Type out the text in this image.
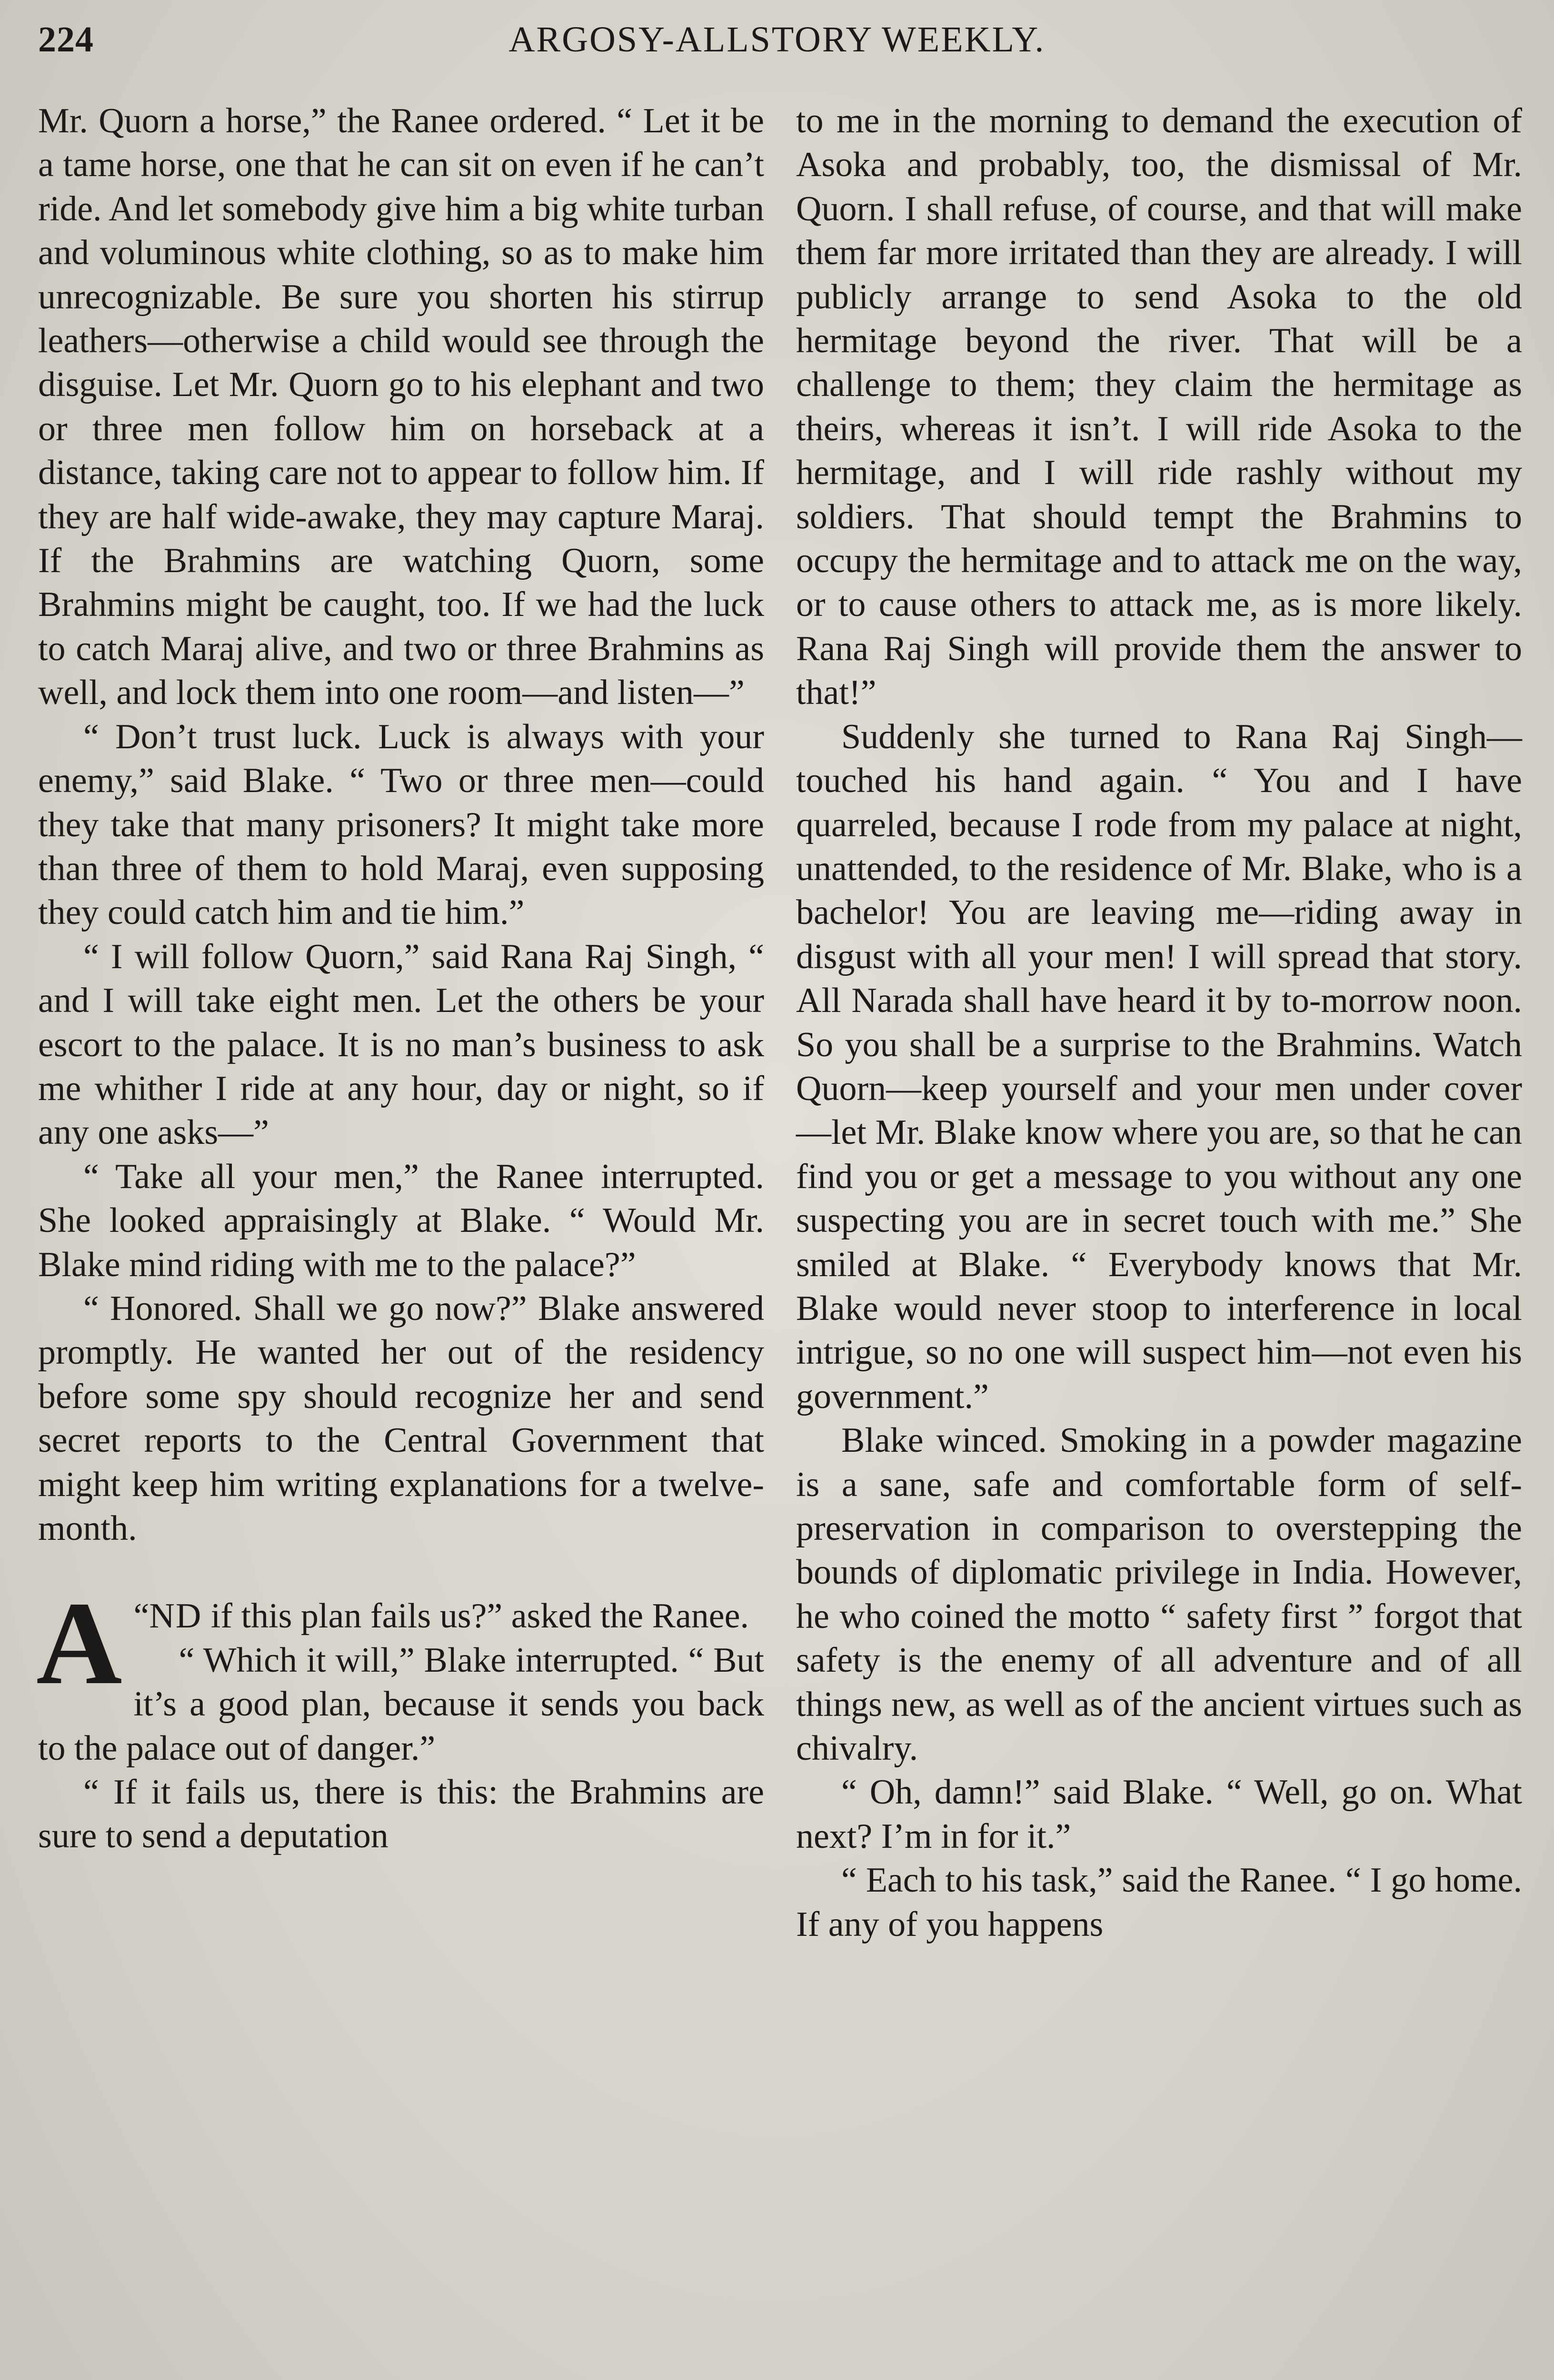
224	ARGOSY-ALLSTORY WEEKLY.

Mr. Quorn a horse,” the Ranee ordered. “ Let it be a tame horse, one that he can sit on even if he can’t ride. And let somebody give him a big white turban and voluminous white clothing, so as to make him unrecognizable. Be sure you shorten his stirrup leathers—otherwise a child would see through the disguise. Let Mr. Quorn go to his elephant and two or three men follow him on horseback at a distance, taking care not to appear to follow him. If they are half wide-awake, they may capture Maraj. If the Brahmins are watching Quorn, some Brahmins might be caught, too. If we had the luck to catch Maraj alive, and two or three Brahmins as well, and lock them into one room—and listen—”

“ Don’t trust luck. Luck is always with your enemy,” said Blake. “ Two or three men—could they take that many prisoners? It might take more than three of them to hold Maraj, even supposing they could catch him and tie him.”

“ I will follow Quorn,” said Rana Raj Singh, “ and I will take eight men. Let the others be your escort to the palace. It is no man’s business to ask me whither I ride at any hour, day or night, so if any one asks—”

“ Take all your men,” the Ranee interrupted. She looked appraisingly at Blake. “ Would Mr. Blake mind riding with me to the palace?”

“ Honored. Shall we go now?” Blake answered promptly. He wanted her out of the residency before some spy should recognize her and send secret reports to the Central Government that might keep him writing explanations for a twelve-month.

A “ND if this plan fails us?” asked the Ranee.

“ Which it will,” Blake interrupted. “ But it’s a good plan, because it sends you back to the palace out of danger.”

“ If it fails us, there is this: the Brahmins are sure to send a deputation

to me in the morning to demand the execution of Asoka and probably, too, the dismissal of Mr. Quorn. I shall refuse, of course, and that will make them far more irritated than they are already. I will publicly arrange to send Asoka to the old hermitage beyond the river. That will be a challenge to them; they claim the hermitage as theirs, whereas it isn’t. I will ride Asoka to the hermitage, and I will ride rashly without my soldiers. That should tempt the Brahmins to occupy the hermitage and to attack me on the way, or to cause others to attack me, as is more likely. Rana Raj Singh will provide them the answer to that!”

Suddenly she turned to Rana Raj Singh—touched his hand again. “ You and I have quarreled, because I rode from my palace at night, unattended, to the residence of Mr. Blake, who is a bachelor! You are leaving me—riding away in disgust with all your men! I will spread that story. All Narada shall have heard it by to-morrow noon. So you shall be a surprise to the Brahmins. Watch Quorn—keep yourself and your men under cover—let Mr. Blake know where you are, so that he can find you or get a message to you without any one suspecting you are in secret touch with me.” She smiled at Blake. “ Everybody knows that Mr. Blake would never stoop to interference in local intrigue, so no one will suspect him—not even his government.”

Blake winced. Smoking in a powder magazine is a sane, safe and comfortable form of self-preservation in comparison to overstepping the bounds of diplomatic privilege in India. However, he who coined the motto “ safety first ” forgot that safety is the enemy of all adventure and of all things new, as well as of the ancient virtues such as chivalry.

“ Oh, damn!” said Blake. “ Well, go on. What next? I’m in for it.”

“ Each to his task,” said the Ranee. “ I go home. If any of you happens
